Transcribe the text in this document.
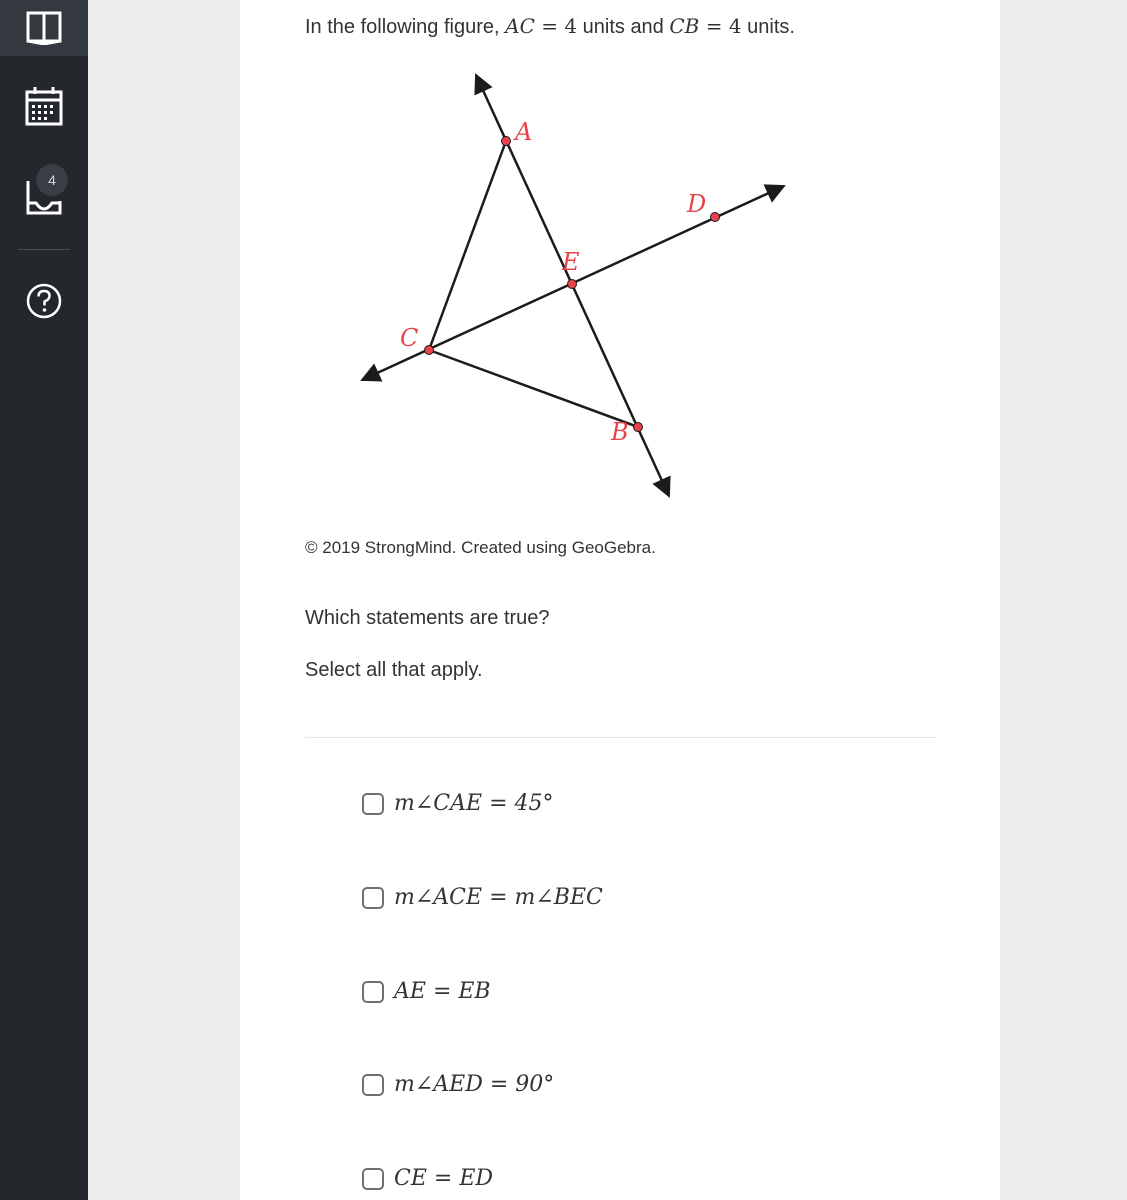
4
In the following figure, AC = 4 units and CB = 4 units.
A
C
E
D
B
© 2019 StrongMind. Created using GeoGebra.
Which statements are true?
Select all that apply.
m∠CAE = 45°
m∠ACE = m∠BEC
AE = EB
m∠AED = 90°
CE = ED
